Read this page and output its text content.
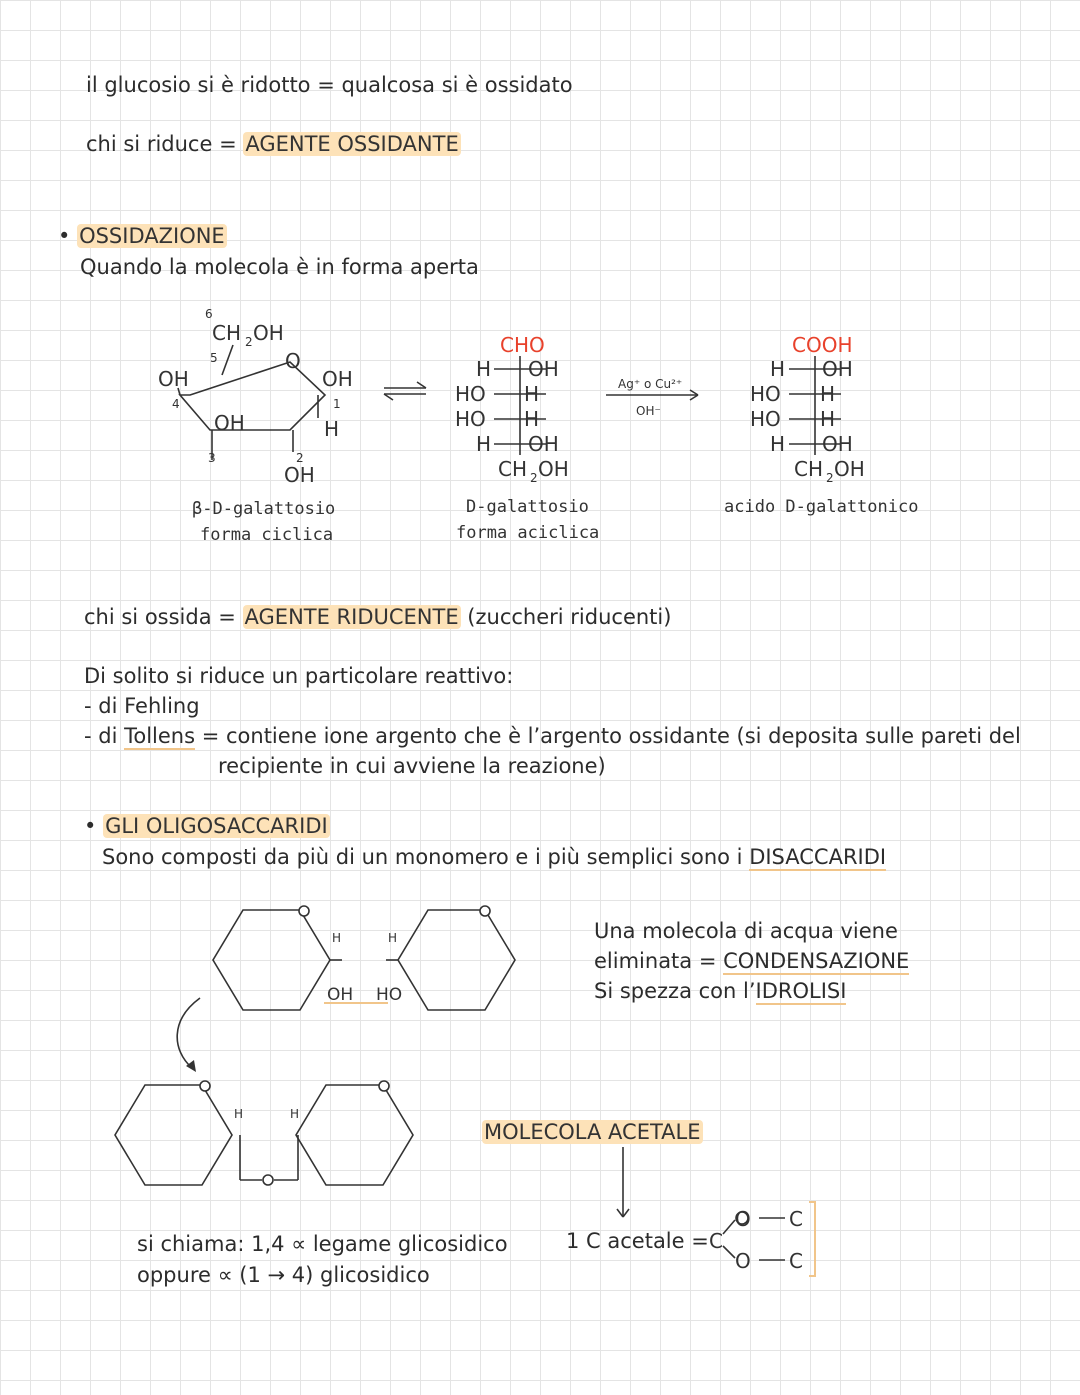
il glucosio si è ridotto = qualcosa si è ossidato
chi si riduce = AGENTE OSSIDANTE
• OSSIDAZIONE
Quando la molecola è in forma aperta
6
CH 2 OH
5	O
OH
4
OH
1
H
OH
3	2
OH
β-D-galattosio
forma ciclica
CHO
H OH
HO H
HO H
H OH
CH 2 OH
D-galattosio
forma aciclica
Ag⁺ o Cu²⁺
OH⁻
COOH
H OH
HO H
HO H
H OH
CH 2 OH
acido D-galattonico
chi si ossida = AGENTE RIDUCENTE (zuccheri riducenti)
Di solito si riduce un particolare reattivo:
- di Fehling
- di Tollens = contiene ione argento che è l’argento ossidante (si deposita sulle pareti del
recipiente in cui avviene la reazione)
• GLI OLIGOSACCARIDI
Sono composti da più di un monomero e i più semplici sono i DISACCARIDI
H
OH
H
HO
H	H
Una molecola di acqua viene
eliminata = CONDENSAZIONE
Si spezza con l’IDROLISI
MOLECOLA ACETALE
1 C acetale = C
O C
O C
si chiama: 1,4 ∝ legame glicosidico
oppure ∝ (1 → 4) glicosidico
